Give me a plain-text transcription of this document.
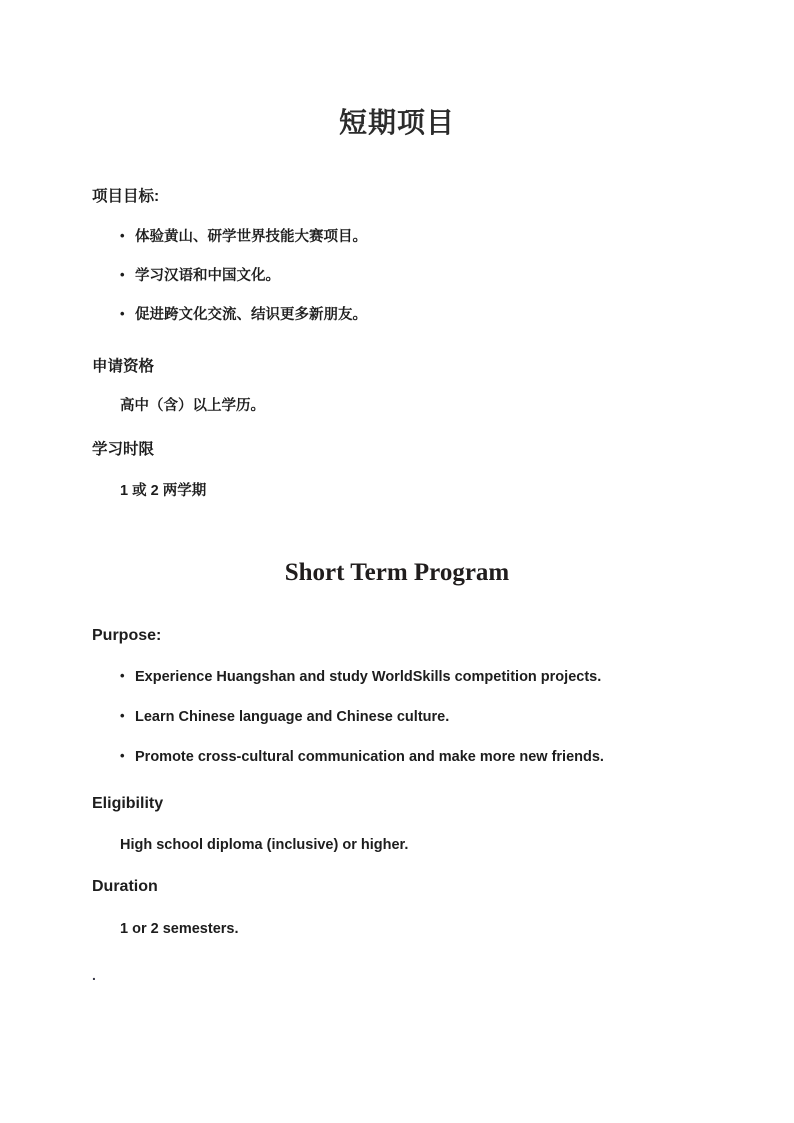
短期项目
项目目标:
• 体验黄山、研学世界技能大赛项目。
• 学习汉语和中国文化。
• 促进跨文化交流、结识更多新朋友。
申请资格
高中（含）以上学历。
学习时限
1 或 2 两学期
Short Term Program
Purpose:
• Experience Huangshan and study WorldSkills competition projects.
• Learn Chinese language and Chinese culture.
• Promote cross-cultural communication and make more new friends.
Eligibility
High school diploma (inclusive) or higher.
Duration
1 or 2 semesters.
.
